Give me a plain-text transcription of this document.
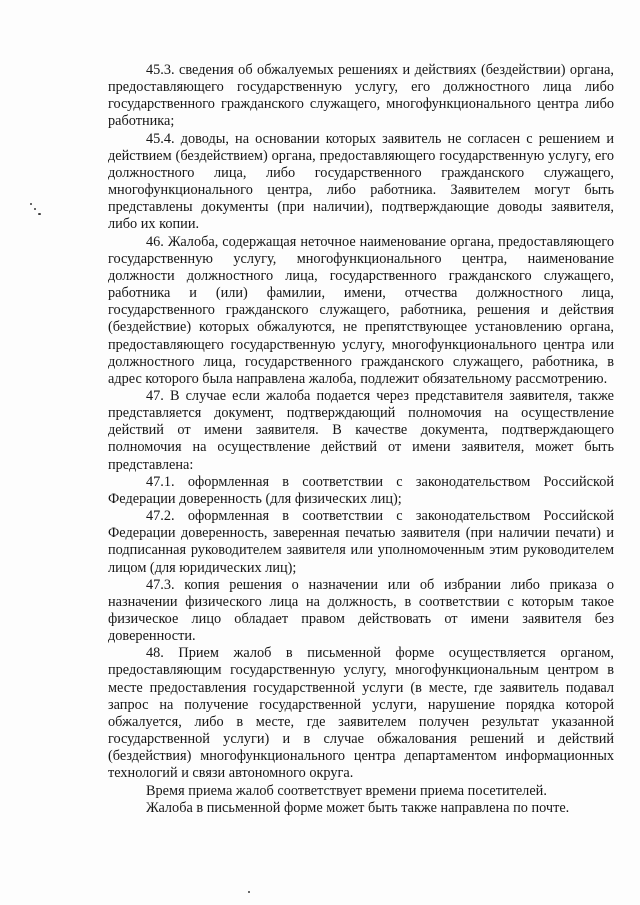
45.3. сведения об обжалуемых решениях и действиях (бездействии) органа, предоставляющего государственную услугу, его должностного лица либо государственного гражданского служащего, многофункционального центра либо работника;

45.4. доводы, на основании которых заявитель не согласен с решением и действием (бездействием) органа, предоставляющего государственную услугу, его должностного лица, либо государственного гражданского служащего, многофункционального центра, либо работника. Заявителем могут быть представлены документы (при наличии), подтверждающие доводы заявителя, либо их копии.

46. Жалоба, содержащая неточное наименование органа, предоставляющего государственную услугу, многофункционального центра, наименование должности должностного лица, государственного гражданского служащего, работника и (или) фамилии, имени, отчества должностного лица, государственного гражданского служащего, работника, решения и действия (бездействие) которых обжалуются, не препятствующее установлению органа, предоставляющего государственную услугу, многофункционального центра или должностного лица, государственного гражданского служащего, работника, в адрес которого была направлена жалоба, подлежит обязательному рассмотрению.

47. В случае если жалоба подается через представителя заявителя, также представляется документ, подтверждающий полномочия на осуществление действий от имени заявителя. В качестве документа, подтверждающего полномочия на осуществление действий от имени заявителя, может быть представлена:

47.1. оформленная в соответствии с законодательством Российской Федерации доверенность (для физических лиц);

47.2. оформленная в соответствии с законодательством Российской Федерации доверенность, заверенная печатью заявителя (при наличии печати) и подписанная руководителем заявителя или уполномоченным этим руководителем лицом (для юридических лиц);

47.3. копия решения о назначении или об избрании либо приказа о назначении физического лица на должность, в соответствии с которым такое физическое лицо обладает правом действовать от имени заявителя без доверенности.

48. Прием жалоб в письменной форме осуществляется органом, предоставляющим государственную услугу, многофункциональным центром в месте предоставления государственной услуги (в месте, где заявитель подавал запрос на получение государственной услуги, нарушение порядка которой обжалуется, либо в месте, где заявителем получен результат указанной государственной услуги) и в случае обжалования решений и действий (бездействия) многофункционального центра департаментом информационных технологий и связи автономного округа.

Время приема жалоб соответствует времени приема посетителей.

Жалоба в письменной форме может быть также направлена по почте.
